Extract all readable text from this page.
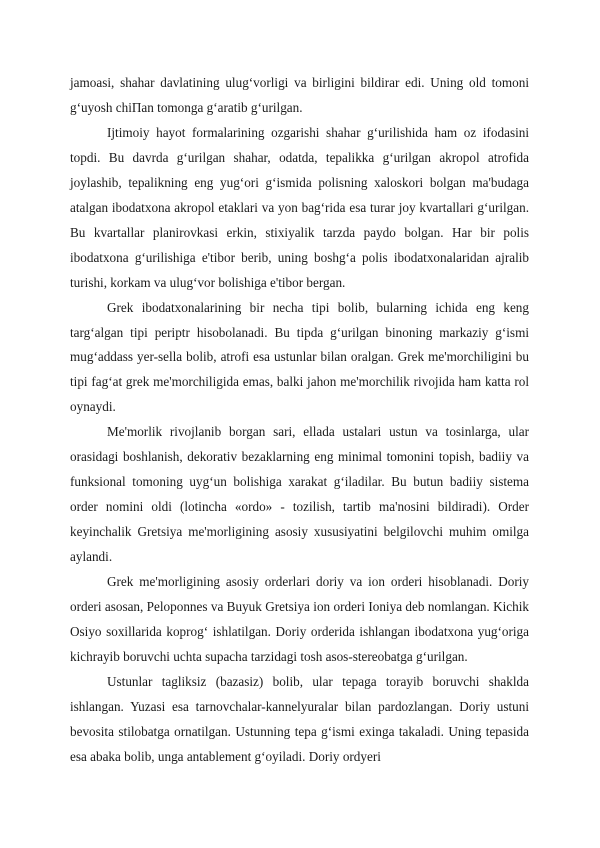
jamoasi, shahar davlatining ulug‘vorligi va birligini bildirar edi. Uning old tomoni g‘uyosh chiПan tomonga g‘aratib g‘urilgan.

Ijtimoiy hayot formalarining ozgarishi shahar g‘urilishida ham oz ifodasini topdi. Bu davrda g‘urilgan shahar, odatda, tepalikka g‘urilgan akropol atrofida joylashib, tepalikning eng yug‘ori g‘ismida polisning xaloskori bolgan ma'budaga atalgan ibodatxona akropol etaklari va yon bag‘rida esa turar joy kvartallari g‘urilgan. Bu kvartallar planirovkasi erkin, stixiyalik tarzda paydo bolgan. Har bir polis ibodatxona g‘urilishiga e'tibor berib, uning boshg‘a polis ibodatxonalaridan ajralib turishi, korkam va ulug‘vor bolishiga e'tibor bergan.

Grek ibodatxonalarining bir necha tipi bolib, bularning ichida eng keng targ‘algan tipi periptr hisobolanadi. Bu tipda g‘urilgan binoning markaziy g‘ismi mug‘addass yer-sella bolib, atrofi esa ustunlar bilan oralgan. Grek me'morchiligini bu tipi fag‘at grek me'morchiligida emas, balki jahon me'morchilik rivojida ham katta rol oynaydi.

Me'morlik rivojlanib borgan sari, ellada ustalari ustun va tosinlarga, ular orasidagi boshlanish, dekorativ bezaklarning eng minimal tomonini topish, badiiy va funksional tomoning uyg‘un bolishiga xarakat g‘iladilar. Bu butun badiiy sistema order nomini oldi (lotincha «ordo» - tozilish, tartib ma'nosini bildiradi). Order keyinchalik Gretsiya me'morligining asosiy xususiyatini belgilovchi muhim omilga aylandi.

Grek me'morligining asosiy orderlari doriy va ion orderi hisoblanadi. Doriy orderi asosan, Peloponnes va Buyuk Gretsiya ion orderi Ioniya deb nomlangan. Kichik Osiyo soxillarida koprog‘ ishlatilgan. Doriy orderida ishlangan ibodatxona yug‘origa kichrayib boruvchi uchta supacha tarzidagi tosh asos-stereobatga g‘urilgan.

Ustunlar tagliksiz (bazasiz) bolib, ular tepaga torayib boruvchi shaklda ishlangan. Yuzasi esa tarnovchalar-kannelyuralar bilan pardozlangan. Doriy ustuni bevosita stilobatga ornatilgan. Ustunning tepa g‘ismi exinga takaladi. Uning tepasida esa abaka bolib, unga antablement g‘oyiladi. Doriy ordyeri
